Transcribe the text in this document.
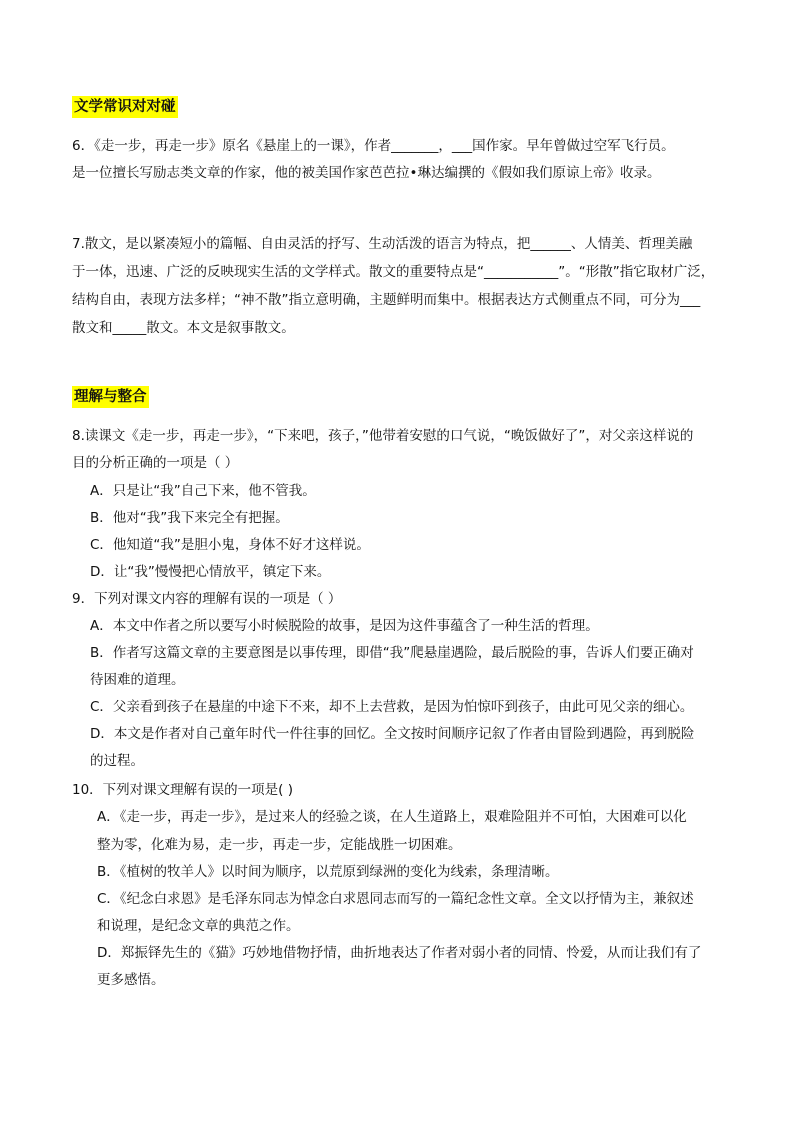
文学常识对对碰
6．《走一步，再走一步》原名《悬崖上的一课》，作者_______，___国作家。早年曾做过空军飞行员。
是一位擅长写励志类文章的作家，他的被美国作家芭芭拉•琳达编撰的《假如我们原谅上帝》收录。
7.散文，是以紧凑短小的篇幅、自由灵活的抒写、生动活泼的语言为特点，把______、人情美、哲理美融
于一体，迅速、广泛的反映现实生活的文学样式。散文的重要特点是“___________”。“形散”指它取材广泛，
结构自由，表现方法多样；“神不散”指立意明确，主题鲜明而集中。根据表达方式侧重点不同，可分为___
散文和_____散文。本文是叙事散文。
理解与整合
8.读课文《走一步，再走一步》，“下来吧，孩子，”他带着安慰的口气说，“晚饭做好了”，对父亲这样说的
目的分析正确的一项是（ ）
A．只是让“我”自己下来，他不管我。
B．他对“我”我下来完全有把握。
C．他知道“我”是胆小鬼，身体不好才这样说。
D．让“我”慢慢把心情放平，镇定下来。
9．下列对课文内容的理解有误的一项是（ ）
A．本文中作者之所以要写小时候脱险的故事，是因为这件事蕴含了一种生活的哲理。
B．作者写这篇文章的主要意图是以事传理，即借“我”爬悬崖遇险，最后脱险的事，告诉人们要正确对
待困难的道理。
C．父亲看到孩子在悬崖的中途下不来，却不上去营救，是因为怕惊吓到孩子，由此可见父亲的细心。
D．本文是作者对自己童年时代一件往事的回忆。全文按时间顺序记叙了作者由冒险到遇险，再到脱险
的过程。
10．下列对课文理解有误的一项是( )
A．《走一步，再走一步》，是过来人的经验之谈，在人生道路上，艰难险阻并不可怕，大困难可以化
整为零，化难为易，走一步，再走一步，定能战胜一切困难。
B．《植树的牧羊人》以时间为顺序，以荒原到绿洲的变化为线索，条理清晰。
C．《纪念白求恩》是毛泽东同志为悼念白求恩同志而写的一篇纪念性文章。全文以抒情为主，兼叙述
和说理，是纪念文章的典范之作。
D．郑振铎先生的《猫》巧妙地借物抒情，曲折地表达了作者对弱小者的同情、怜爱，从而让我们有了
更多感悟。
